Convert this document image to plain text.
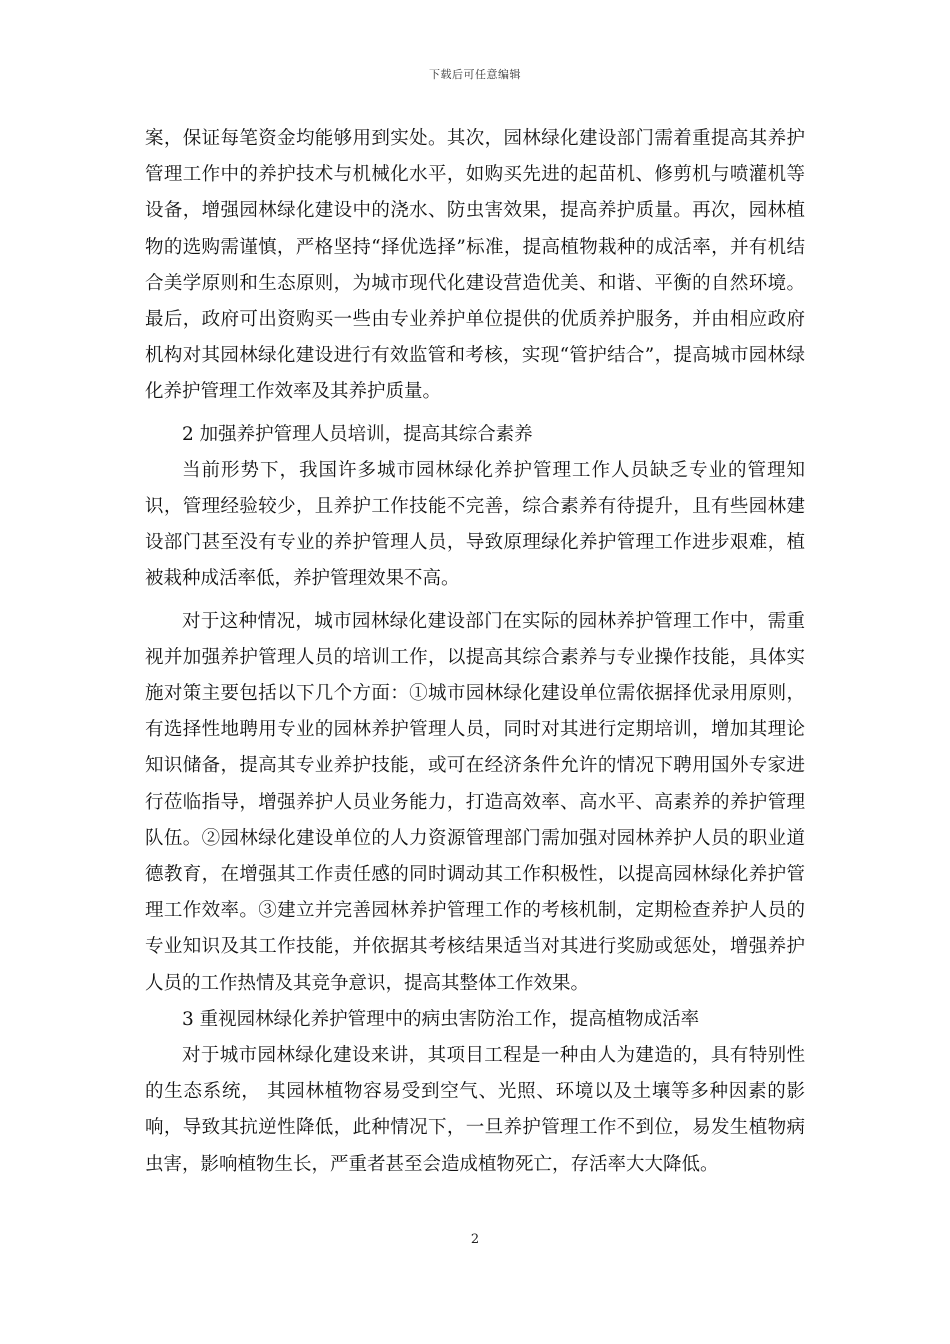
下载后可任意编辑

案，保证每笔资金均能够用到实处。其次，园林绿化建设部门需着重提高其养护管理工作中的养护技术与机械化水平，如购买先进的起苗机、修剪机与喷灌机等设备，增强园林绿化建设中的浇水、防虫害效果，提高养护质量。再次，园林植物的选购需谨慎，严格坚持“择优选择”标准，提高植物栽种的成活率，并有机结合美学原则和生态原则，为城市现代化建设营造优美、和谐、平衡的自然环境。最后，政府可出资购买一些由专业养护单位提供的优质养护服务，并由相应政府机构对其园林绿化建设进行有效监管和考核，实现“管护结合”，提高城市园林绿化养护管理工作效率及其养护质量。

2 加强养护管理人员培训，提高其综合素养

当前形势下，我国许多城市园林绿化养护管理工作人员缺乏专业的管理知识，管理经验较少，且养护工作技能不完善，综合素养有待提升，且有些园林建设部门甚至没有专业的养护管理人员，导致原理绿化养护管理工作进步艰难，植被栽种成活率低，养护管理效果不高。

对于这种情况，城市园林绿化建设部门在实际的园林养护管理工作中，需重视并加强养护管理人员的培训工作，以提高其综合素养与专业操作技能，具体实施对策主要包括以下几个方面：①城市园林绿化建设单位需依据择优录用原则，有选择性地聘用专业的园林养护管理人员，同时对其进行定期培训，增加其理论知识储备，提高其专业养护技能，或可在经济条件允许的情况下聘用国外专家进行莅临指导，增强养护人员业务能力，打造高效率、高水平、高素养的养护管理队伍。②园林绿化建设单位的人力资源管理部门需加强对园林养护人员的职业道德教育，在增强其工作责任感的同时调动其工作积极性，以提高园林绿化养护管理工作效率。③建立并完善园林养护管理工作的考核机制，定期检查养护人员的专业知识及其工作技能，并依据其考核结果适当对其进行奖励或惩处，增强养护人员的工作热情及其竞争意识，提高其整体工作效果。

3 重视园林绿化养护管理中的病虫害防治工作，提高植物成活率

对于城市园林绿化建设来讲，其项目工程是一种由人为建造的，具有特别性的生态系统， 其园林植物容易受到空气、光照、环境以及土壤等多种因素的影响，导致其抗逆性降低，此种情况下，一旦养护管理工作不到位，易发生植物病虫害，影响植物生长，严重者甚至会造成植物死亡，存活率大大降低。

2
